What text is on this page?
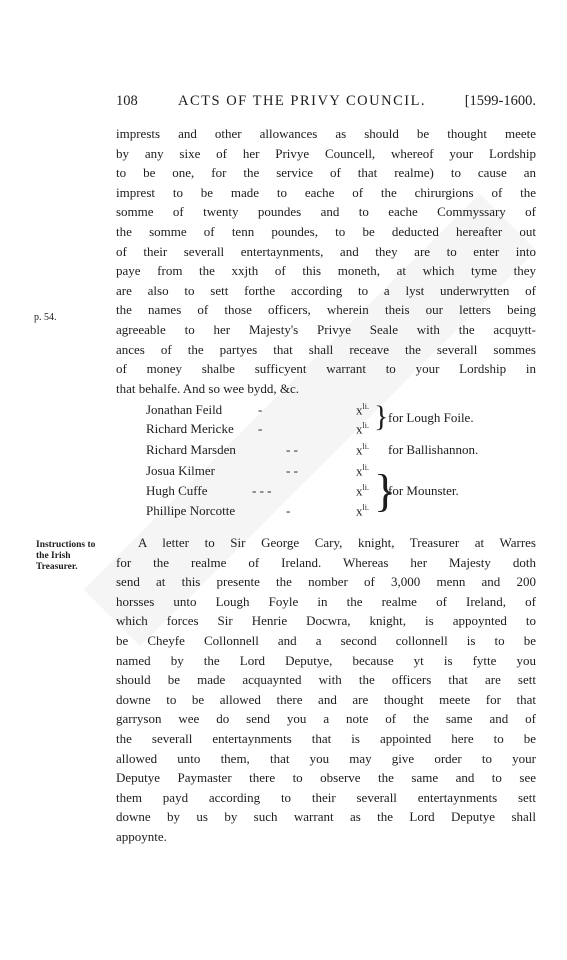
108	ACTS OF THE PRIVY COUNCIL.	[1599-1600.
imprests and other allowances as should be thought meete
by any sixe of her Privye Councell, whereof your Lordship
to be one, for the service of that realme) to cause an
imprest to be made to eache of the chirurgions of the
somme of twenty poundes and to eache Commyssary of
the somme of tenn poundes, to be deducted hereafter out
of their severall entertaynments, and they are to enter into
paye from the xxjth of this moneth, at which tyme they
are also to sett forthe according to a lyst underwrytten of
the names of those officers, wherein theis our letters being
agreeable to her Majesty's Privye Seale with the acquytt-
ances of the partyes that shall receave the severall sommes
of money shalbe sufficyent warrant to your Lordship in
that behalfe. And so wee bydd, &c.
p. 54.
Jonathan Feild	-	$x^{li.}$
Richard Mericke -	$x^{li.}$ } for Lough Foile.
Richard Marsden	- -	$x^{li.}$ for Ballishannon.
Josua Kilmer	- -	$x^{li.}$
Hugh Cuffe	- - -	$x^{li.}$
Phillipe Norcotte	-	$x^{li.}$ }
for Mounster.
Instructions to the Irish Treasurer.
A letter to Sir George Cary, knight, Treasurer at Warres
for the realme of Ireland. Whereas her Majesty doth
send at this presente the nomber of 3,000 menn and 200
horsses unto Lough Foyle in the realme of Ireland, of
which forces Sir Henrie Docwra, knight, is appoynted to
be Cheyfe Collonnell and a second collonnell is to be
named by the Lord Deputye, because yt is fytte you
should be made acquaynted with the officers that are sett
downe to be allowed there and are thought meete for that
garryson wee do send you a note of the same and of
the severall entertaynments that is appointed here to be
allowed unto them, that you may give order to your
Deputye Paymaster there to observe the same and to see
them payd according to their severall entertaynments sett
downe by us by such warrant as the Lord Deputye shall
appoynte.
